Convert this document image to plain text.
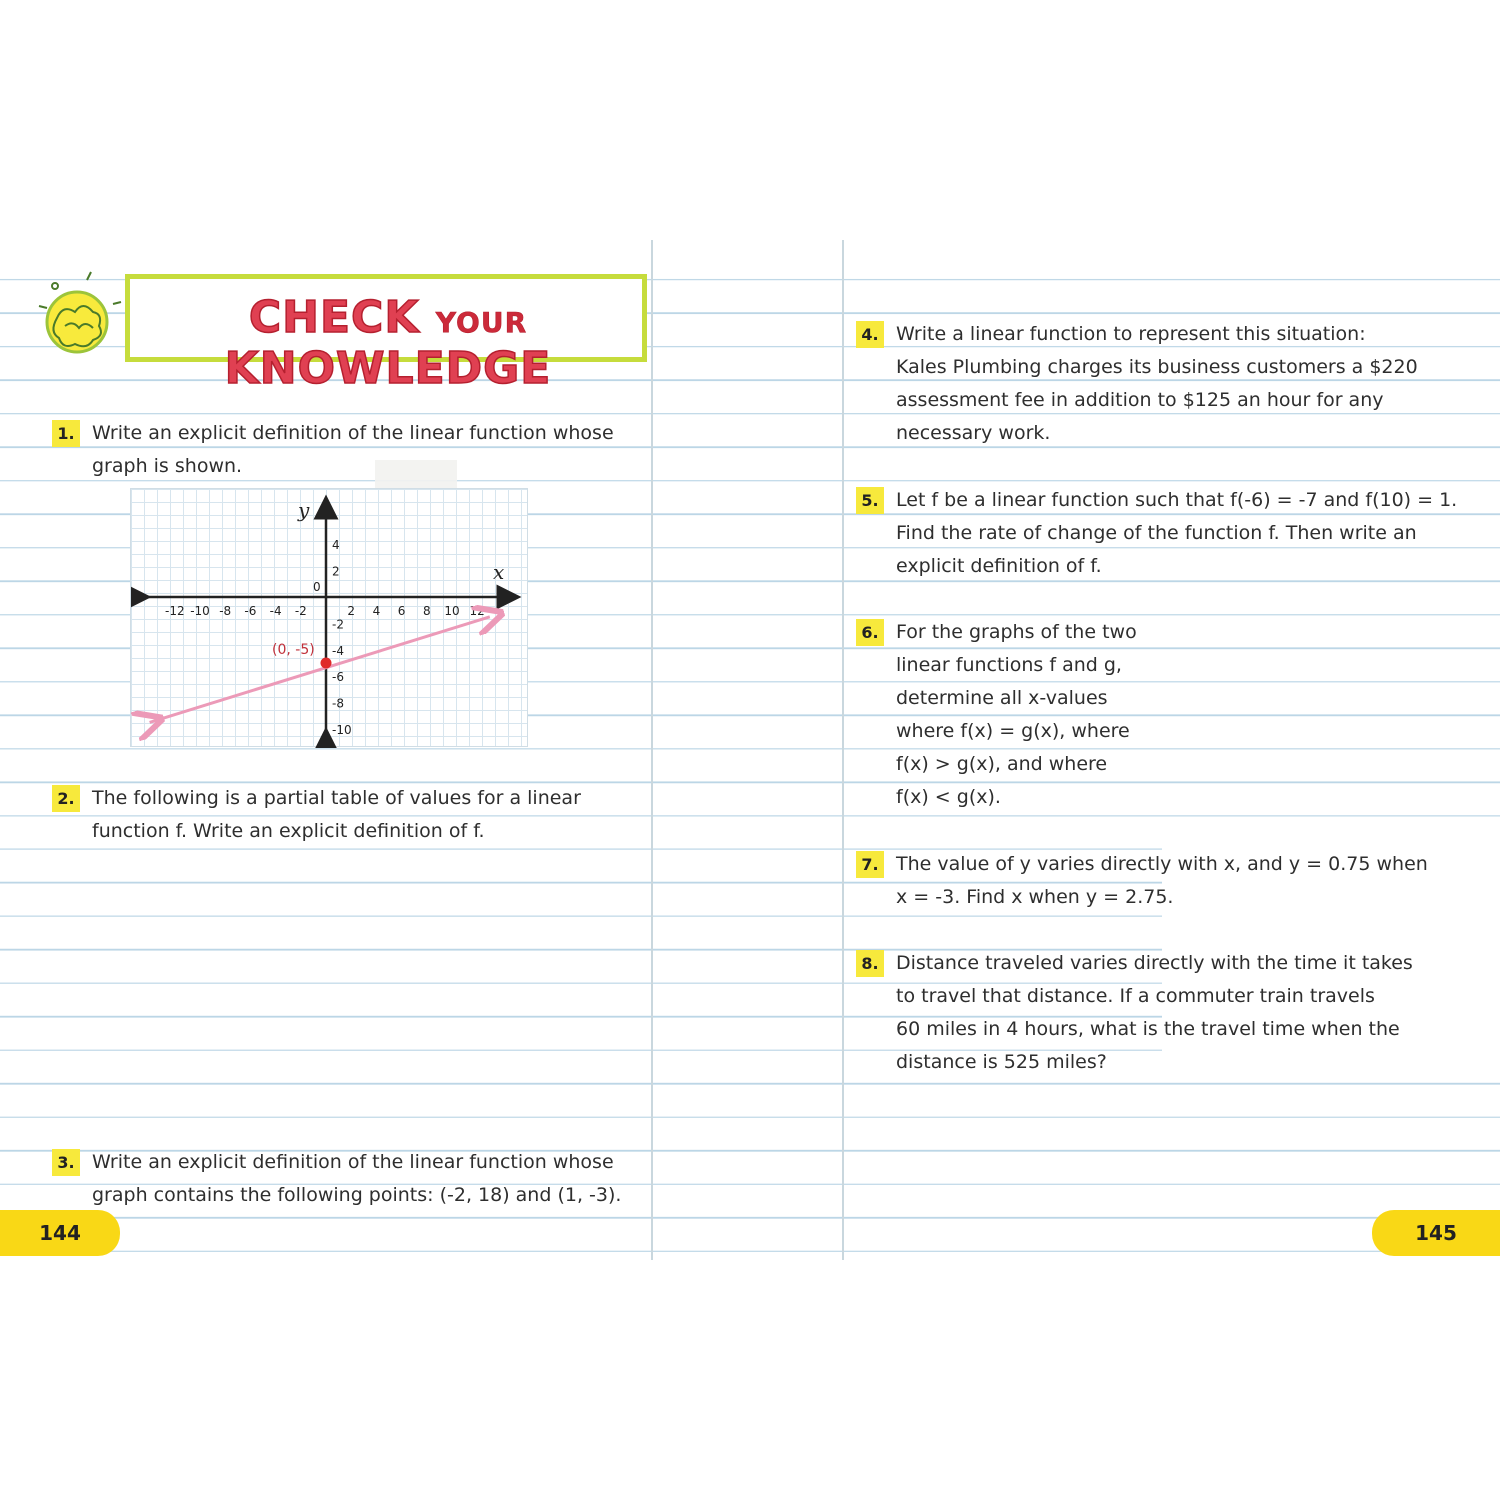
CHECK YOUR KNOWLEDGE
1. Write an explicit definition of the linear function whose
graph is shown.
-12 -10 -8 -6 -4 -2	2 4 6 8 10 12
4
2
-2
-4
-6
-8
-10
x
y
0
(0, -5)
2. The following is a partial table of values for a linear
function f. Write an explicit definition of f.
3. Write an explicit definition of the linear function whose
graph contains the following points: (-2, 18) and (1, -3).
4. Write a linear function to represent this situation:
Kales Plumbing charges its business customers a $220
assessment fee in addition to $125 an hour for any
necessary work.
5. Let f be a linear function such that f(-6) = -7 and f(10) = 1.
Find the rate of change of the function f. Then write an
explicit definition of f.
6. For the graphs of the two
linear functions f and g,
determine all x-values
where f(x) = g(x), where
f(x) > g(x), and where
f(x) < g(x).
7. The value of y varies directly with x, and y = 0.75 when
x = -3. Find x when y = 2.75.
8. Distance traveled varies directly with the time it takes
to travel that distance. If a commuter train travels
60 miles in 4 hours, what is the travel time when the
distance is 525 miles?
144	145
